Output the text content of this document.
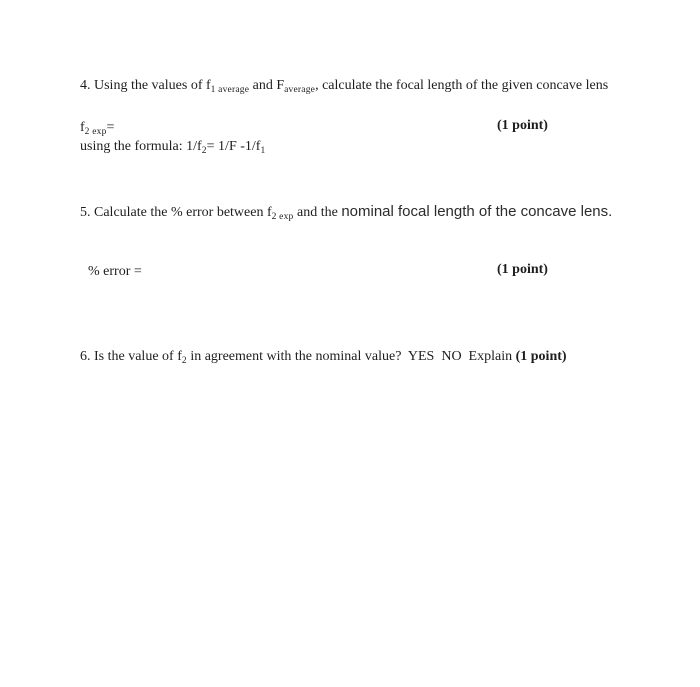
4. Using the values of $f_{1 average}$ and $F_{average}$, calculate the focal length of the given concave lens

using the formula: $1/f_2= 1/F$ $-1/f_1$

$f_{2 exp}=$	(1 point)
5. Calculate the % error between $f_{2 exp}$ and the nominal focal length of the concave lens.
% error =	(1 point)
6. Is the value of $f_2$ in agreement with the nominal value?  YES  NO  Explain (1 point)
